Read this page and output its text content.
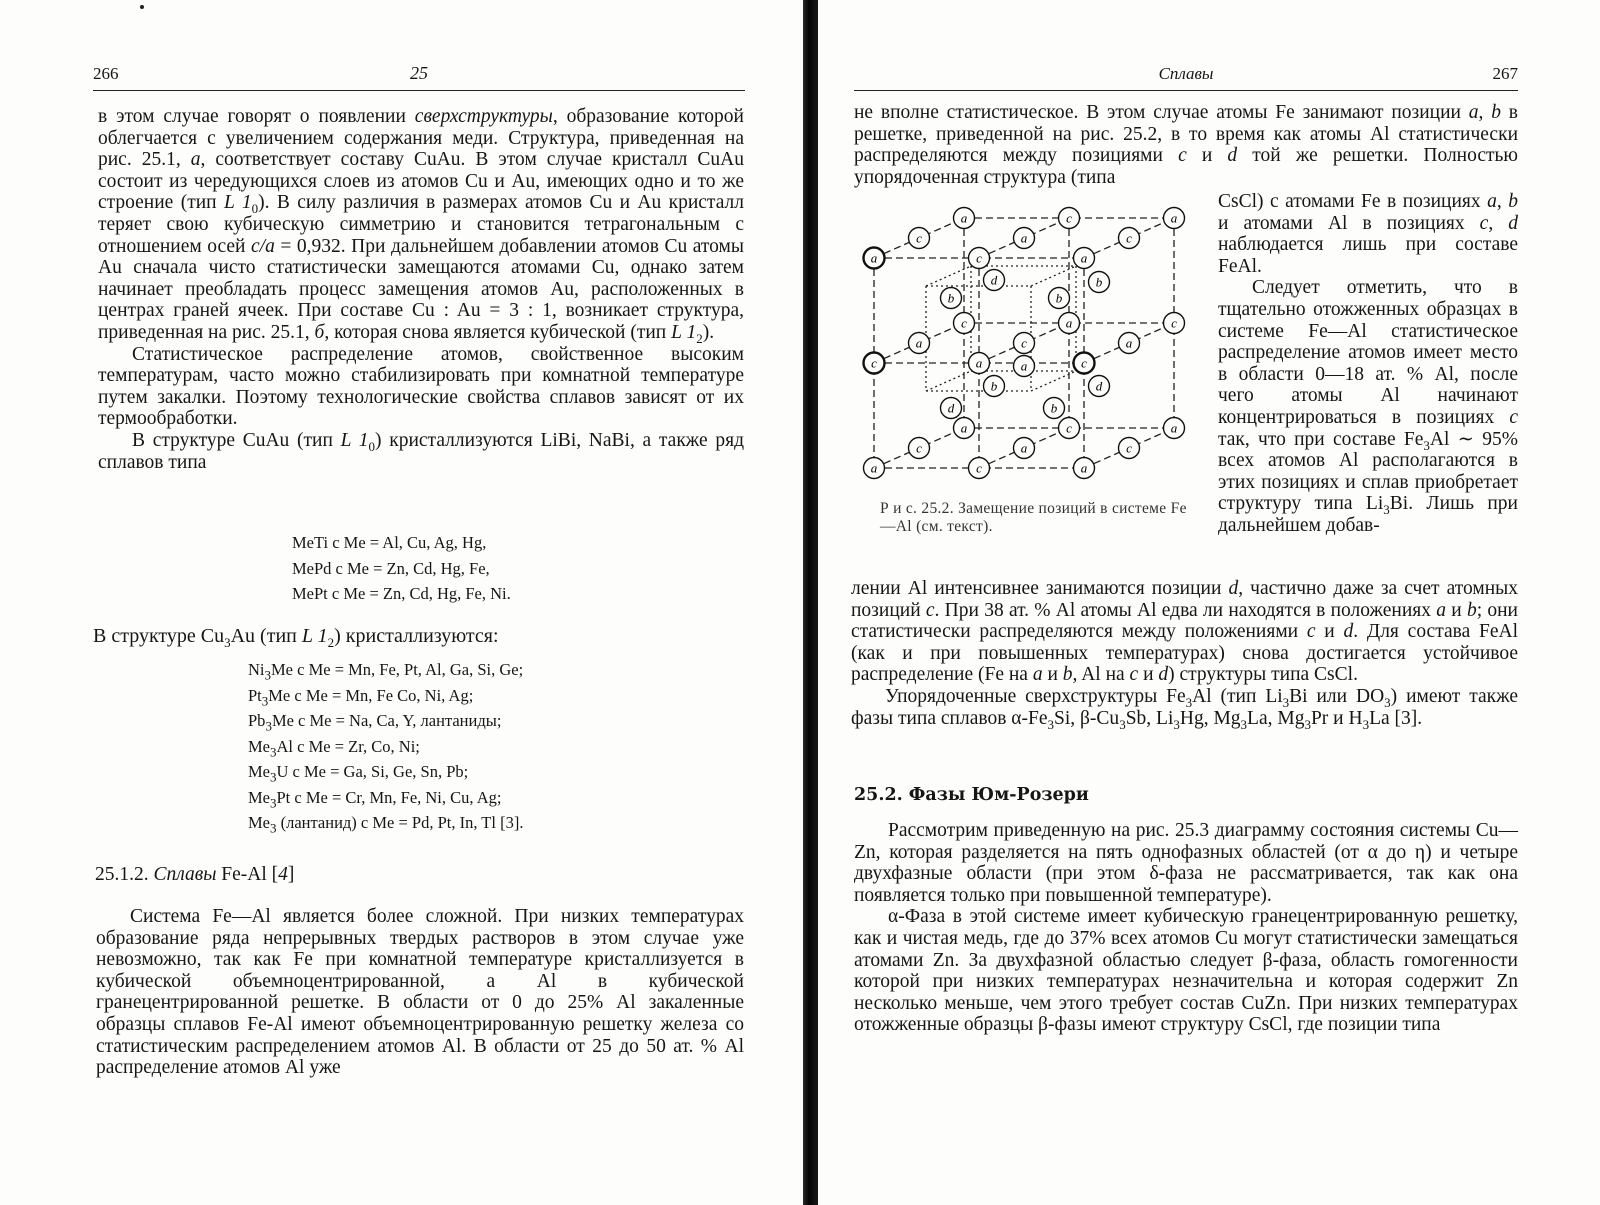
266	25

в этом случае говорят о появлении сверхструктуры, образование которой облегчается с увеличением содержания меди. Структура, приведенная на рис. 25.1, а, соответствует составу CuAu. В этом случае кристалл CuAu состоит из чередующихся слоев из атомов Cu и Au, имеющих одно и то же строение (тип L $1_0$). В силу различия в размерах атомов Cu и Au кристалл теряет свою кубическую симметрию и становится тетрагональным с отношением осей с/а = 0,932. При дальнейшем добавлении атомов Cu атомы Au сначала чисто статистически замещаются атомами Cu, однако затем начинает преобладать процесс замещения атомов Au, расположенных в центрах граней ячеек. При составе Cu : Au = 3 : 1, возникает структура, приведенная на рис. 25.1, б, которая снова является кубической (тип L $1_2$).

Статистическое распределение атомов, свойственное высоким температурам, часто можно стабилизировать при комнатной температуре путем закалки. Поэтому технологические свойства сплавов зависят от их термообработки.

В структуре CuAu (тип L $1_0$) кристаллизуются LiBi, NaBi, а также ряд сплавов типа

MeTi с Me = Al, Cu, Ag, Hg,

MePd с Me = Zn, Cd, Hg, Fe,

MePt с Me = Zn, Cd, Hg, Fe, Ni.

В структуре $Cu_3Au$ (тип L $1_2$) кристаллизуются:

$Ni_3Me$ с Me = Mn, Fe, Pt, Al, Ga, Si, Ge;

$Pt_3Me$ с Me = Mn, Fe Co, Ni, Ag;

$Pb_3Me$ с Me = Na, Ca, Y, лантаниды;

$Me_3Al$ с Me = Zr, Co, Ni;

$Me_3U$ с Me = Ga, Si, Ge, Sn, Pb;

$Me_3Pt$ с Me = Cr, Mn, Fe, Ni, Cu, Ag;

$Me_3$ (лантанид) с Me = Pd, Pt, In, Tl [3].

25.1.2. Сплавы Fe-Al [4]

Система Fe—Al является более сложной. При низких температурах образование ряда непрерывных твердых растворов в этом случае уже невозможно, так как Fe при комнатной температуре кристаллизуется в кубической объемноцентрированной, а Al в кубической гранецентрированной решетке. В области от 0 до 25% Al закаленные образцы сплавов Fe-Al имеют объемноцентрированную решетку железа со статистическим распределением атомов Al. В области от 25 до 50 ат. % Al распределение атомов Al уже

Сплавы	267

не вполне статистическое. В этом случае атомы Fe занимают позиции a, b в решетке, приведенной на рис. 25.2, в то время как атомы Al статистически распределяются между позициями c и d той же решетки. Полностью упорядоченная структура (типа

a	c	a
c	a	c
a	c	a
a	c	a
c	a	c
a	c	a
c	a	c
a	c	a
c	a	c
b
d	b
b
b
d	b
d
a
Р и с. 25.2. Замещение позиций в системе Fe—Al (см. текст).

CsCl) с атомами Fe в позициях a, b и атомами Al в позициях c, d наблюдается лишь при составе FeAl.

Следует отметить, что в тщательно отожженных образцах в системе Fe—Al статистическое распределение атомов имеет место в области 0—18 ат. % Al, после чего атомы Al начинают концентрироваться в позициях c так, что при составе $Fe_3Al$ ∼ 95% всех атомов Al располагаются в этих позициях и сплав приобретает структуру типа $Li_3Bi$. Лишь при дальнейшем добав-

лении Al интенсивнее занимаются позиции d, частично даже за счет атомных позиций c. При 38 ат. % Al атомы Al едва ли находятся в положениях a и b; они статистически распределяются между положениями c и d. Для состава FeAl (как и при повышенных температурах) снова достигается устойчивое распределение (Fe на a и b, Al на c и d) структуры типа CsCl.

Упорядоченные сверхструктуры $Fe_3Al$ (тип $Li_3Bi$ или $DO_3$) имеют также фазы типа сплавов $\alpha-Fe_3Si$, $\beta-Cu_3Sb$, $Li_3Hg$, $Mg_3La$, $Mg_3Pr$ и $H_3La$ [3].

25.2. Фазы Юм-Розери

Рассмотрим приведенную на рис. 25.3 диаграмму состояния системы Cu—Zn, которая разделяется на пять однофазных областей (от α до η) и четыре двухфазные области (при этом δ-фаза не рассматривается, так как она появляется только при повышенной температуре).

α-Фаза в этой системе имеет кубическую гранецентрированную решетку, как и чистая медь, где до 37% всех атомов Cu могут статистически замещаться атомами Zn. За двухфазной областью следует β-фаза, область гомогенности которой при низких температурах незначительна и которая содержит Zn несколько меньше, чем этого требует состав CuZn. При низких температурах отожженные образцы β-фазы имеют структуру CsCl, где позиции типа
